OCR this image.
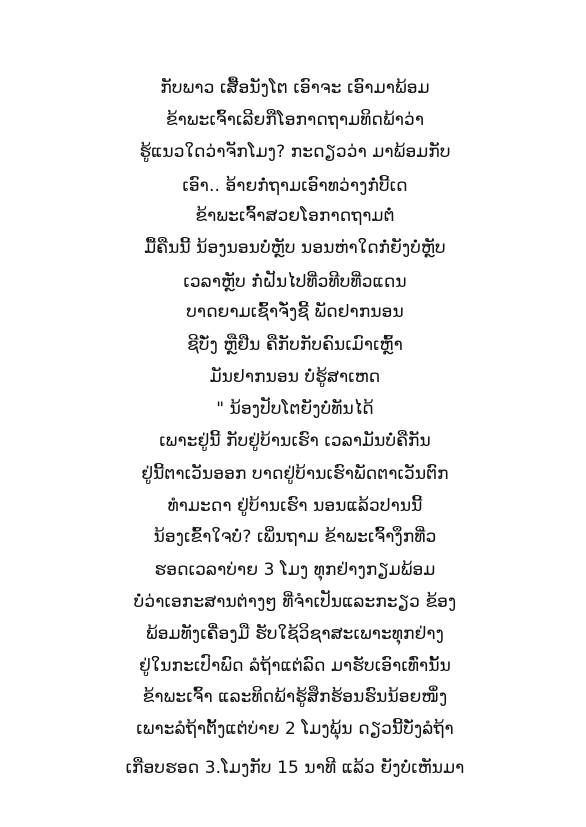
ກັບພາວ ເສື້ອນັງໂຕ ເອົາຈະ ເອົາມາພ້ອມ
ຂ້າພະເຈົ້າເລີຍກືໂອກາດຖາມທິດພ້າວ່າ
ຮູ້ແນວໃດວ່າຈັກໂມງ? ກະດຽວວ່າ ມາພ້ອມກັບ
ເອົາ.. ອ້າຍກໍ່ຖາມເອົາທວ່າງກໍ່ບີ້ເດ
ຂ້າພະເຈົ້າສວຍໂອກາດຖາມຕໍ່
ມື້ຄືນນີ້ ນ້ອງນອນບໍ່ຫຼັບ ນອນຫ່າໃດກໍ່ຍັງບໍ່ຫຼັບ
ເວລາຫຼັບ ກໍ່ຝັນໄປທີ່ວທີບທີ່ວແດນ
ບາດຍາມເຊົ້າຈັ່ງຊີ້ ພັດຢາກນອນ
ຊີບັ່ງ ຫຼືຢືນ ຄືກັບກັບຄົນເມົາເຫຼົ້າ
ມັນຢາກນອນ ບໍ່ຮູ້ສາເຫດ
" ນ້ອງປັບໂຕຍັງບໍ່ທັນໄດ້
ເພາະຢູ່ນີ້ ກັບຢູ່ບ້ານເຮົາ ເວລາມັນບໍ່ຄືກັນ
ຢູ່ນີ້ຕາເວັນອອກ ບາດຢູ່ບ້ານເຮົາພັດຕາເວັນຕົກ
ທຳມະດາ ຢູ່ບ້ານເຮົາ ນອນແລ້ວປານນີ້
ນ້ອງເຂົ້າໃຈບໍ່? ເພິ່ນຖາມ ຂ້າພະເຈົ້າງຶກທີ່ວ
ຮອດເວລາບ່າຍ 3 ໂມງ ທຸກຢ່າງກຽມພ້ອມ
ບໍ່ວ່າເອກະສານຕ່າງໆ ທີ່ຈຳເປັນແລະກະຽວ ຂ້ອງ
ພ້ອມທັງເຄື່ອງມື ຮັບໃຊ້ວິຊາສະເພາະທຸກຢ່າງ
ຢູ່ໃນກະເປົາພົດ ລໍຖ້າແຕ່ລົດ ມາຮັບເອົາເທົ່ານັ້ນ
ຂ້າພະເຈົ້າ ແລະທິດພ້າຮູ້ສຶກຮ້ອນຮົນນ້ອຍໜຶ່ງ
ເພາະລໍຖ້າຕັ້ງແຕ່ບ່າຍ 2 ໂມງພຸ້ນ ດຽວນີ້ບັ່ງລໍຖ້າ
ເກືອບຮອດ 3.ໂມງກັບ 15 ນາທີ ແລ້ວ ຍັງບໍ່ເຫັນມາ
